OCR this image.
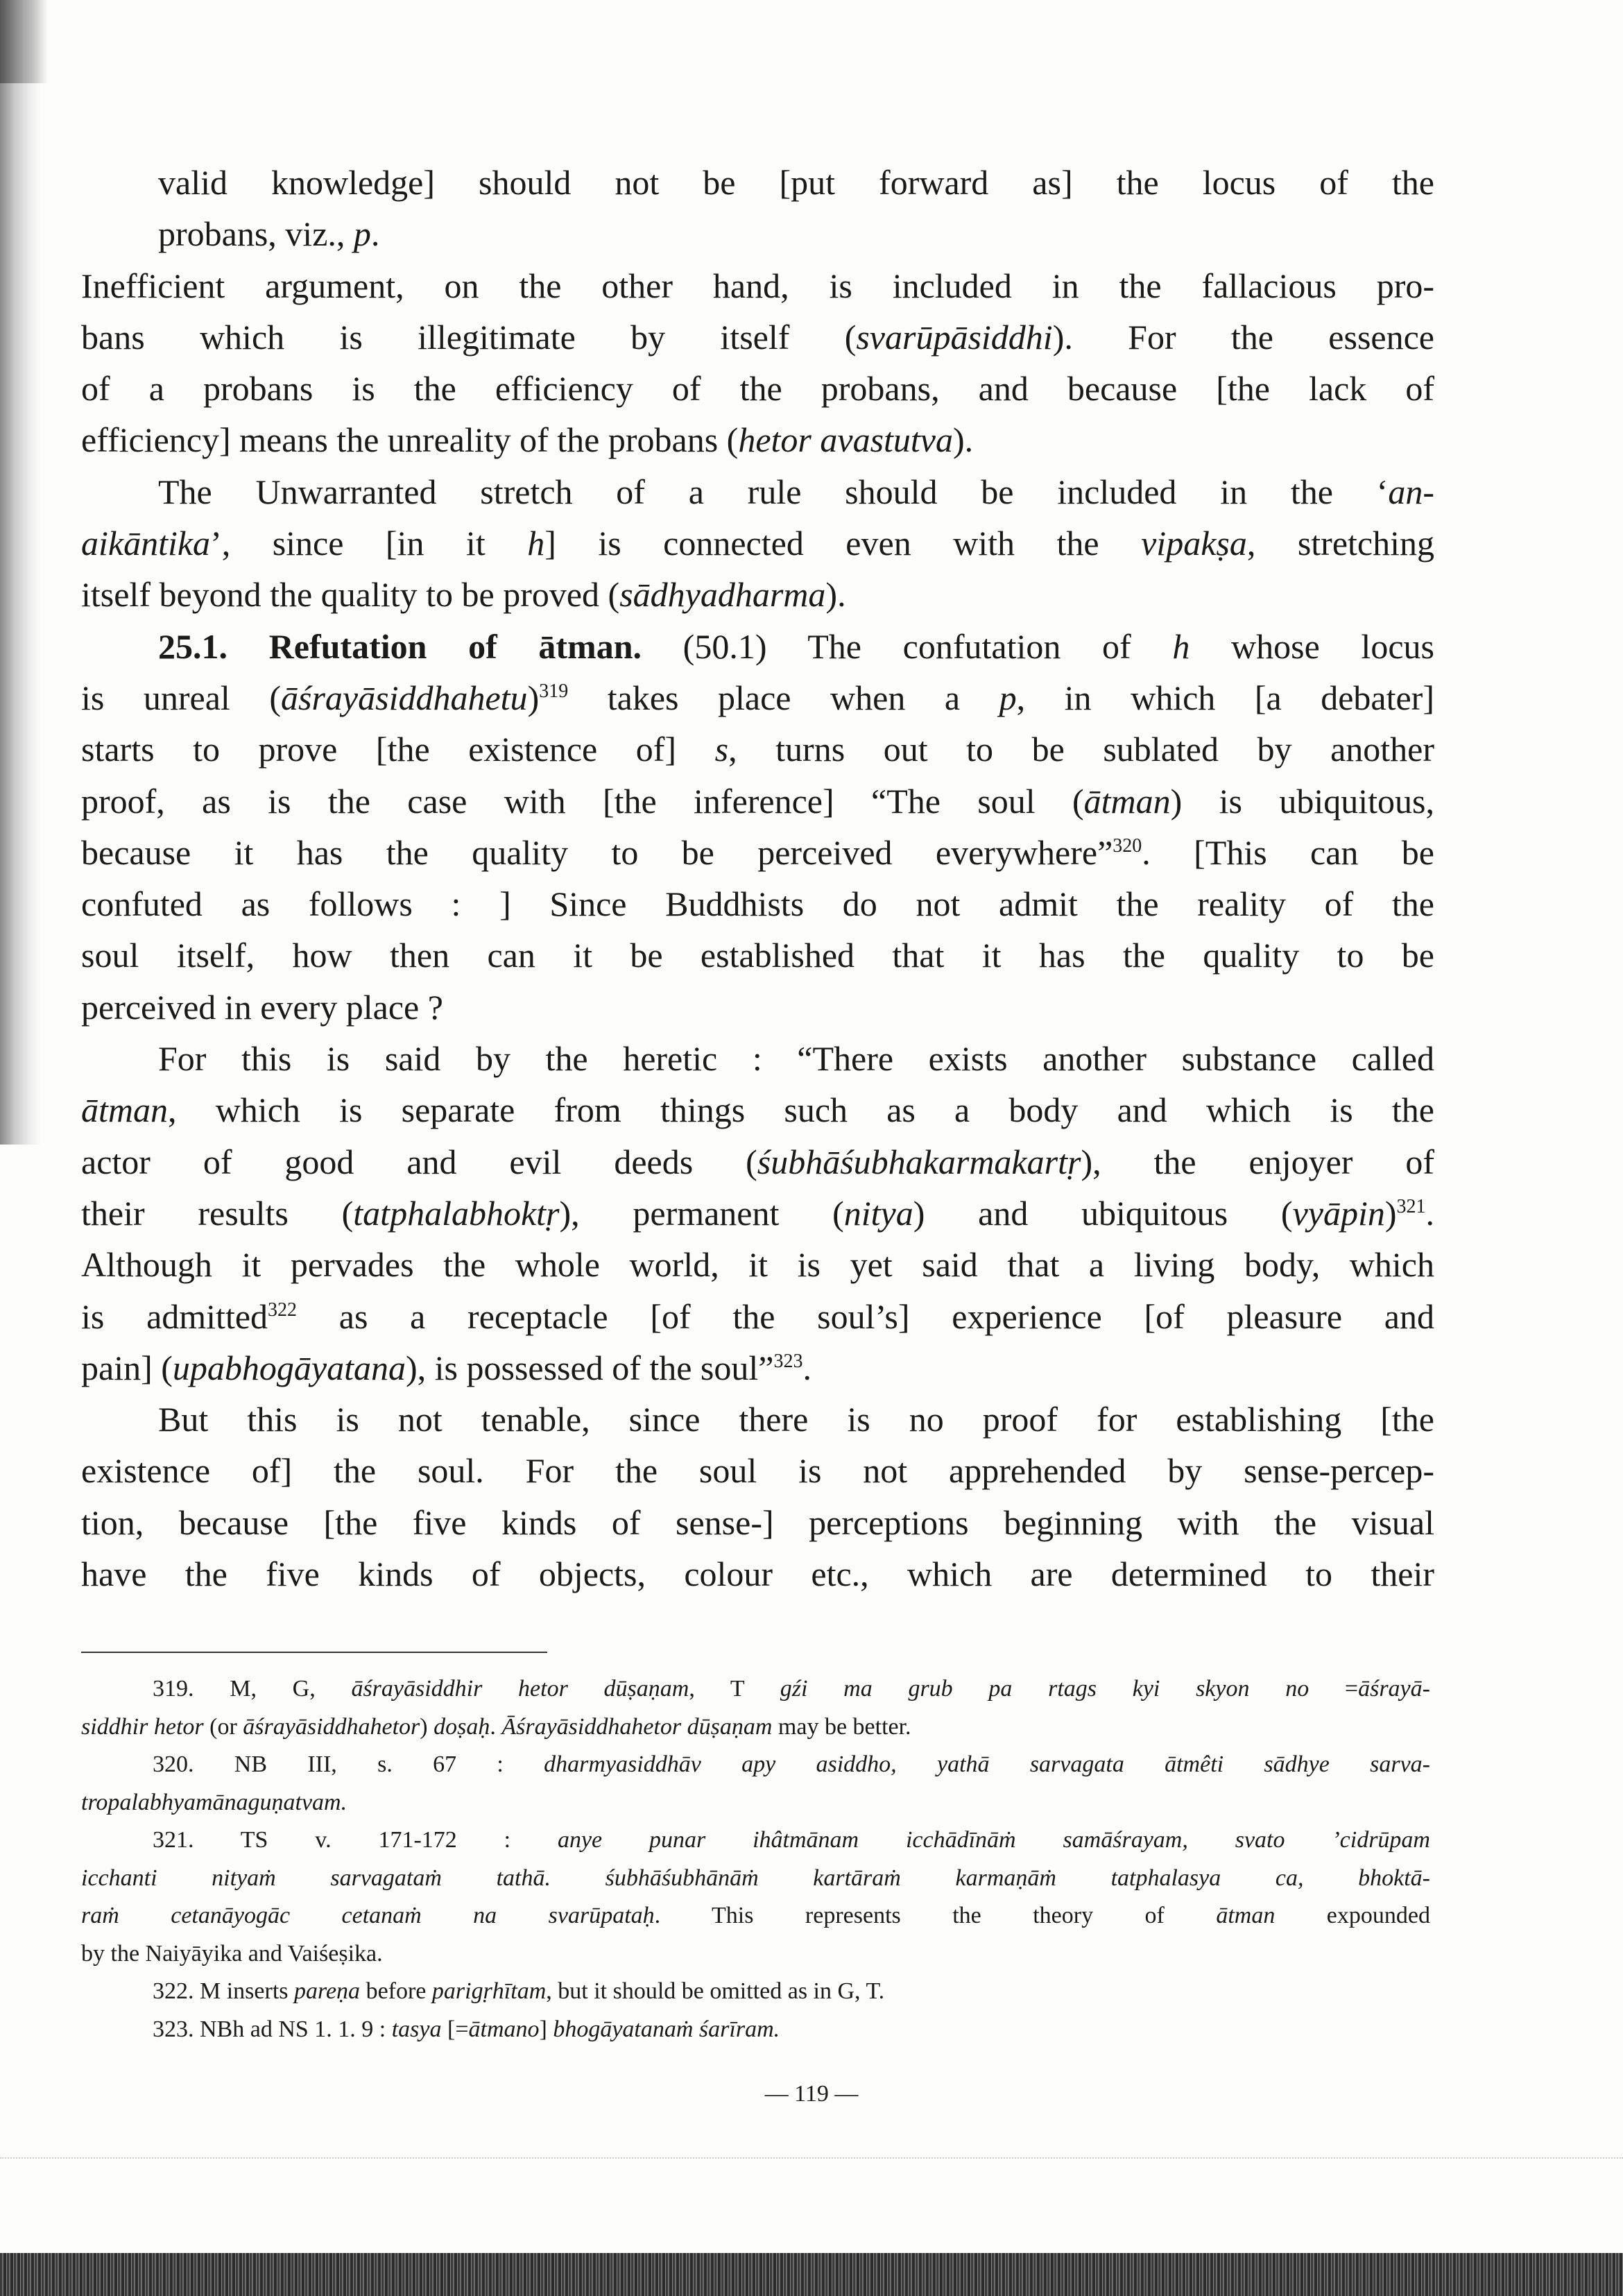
valid knowledge] should not be [put forward as] the locus of the
probans, viz., p.
Inefficient argument, on the other hand, is included in the fallacious pro-
bans which is illegitimate by itself (svarūpāsiddhi). For the essence
of a probans is the efficiency of the probans, and because [the lack of
efficiency] means the unreality of the probans (hetor avastutva).
The Unwarranted stretch of a rule should be included in the ‘an-
aikāntika’, since [in it h] is connected even with the vipakṣa, stretching
itself beyond the quality to be proved (sādhyadharma).
25.1. Refutation of ātman. (50.1) The confutation of h whose locus
is unreal (āśrayāsiddhahetu)$^{319}$ takes place when a p, in which [a debater]
starts to prove [the existence of] s, turns out to be sublated by another
proof, as is the case with [the inference] “The soul (ātman) is ubiquitous,
because it has the quality to be perceived everywhere”$^{320}$. [This can be
confuted as follows : ] Since Buddhists do not admit the reality of the
soul itself, how then can it be established that it has the quality to be
perceived in every place ?
For this is said by the heretic : “There exists another substance called
ātman, which is separate from things such as a body and which is the
actor of good and evil deeds (śubhāśubhakarmakartṛ), the enjoyer of
their results (tatphalabhoktṛ), permanent (nitya) and ubiquitous (vyāpin)$^{321}$.
Although it pervades the whole world, it is yet said that a living body, which
is admitted$^{322}$ as a receptacle [of the soul’s] experience [of pleasure and
pain] (upabhogāyatana), is possessed of the soul”$^{323}$.
But this is not tenable, since there is no proof for establishing [the
existence of] the soul. For the soul is not apprehended by sense-percep-
tion, because [the five kinds of sense-] perceptions beginning with the visual
have the five kinds of objects, colour etc., which are determined to their
319. M, G, āśrayāsiddhir hetor dūṣaṇam, T gźi ma grub pa rtags kyi skyon no =āśrayā-
siddhir hetor (or āśrayāsiddhahetor) doṣaḥ. Āśrayāsiddhahetor dūṣaṇam may be better.
320. NB III, s. 67 : dharmyasiddhāv apy asiddho, yathā sarvagata ātmêti sādhye sarva-
tropalabhyamānaguṇatvam.
321. TS v. 171-172 : anye punar ihâtmānam icchādīnāṁ samāśrayam, svato ’cidrūpam
icchanti nityaṁ sarvagataṁ tathā. śubhāśubhānāṁ kartāraṁ karmaṇāṁ tatphalasya ca, bhoktā-
raṁ cetanāyogāc cetanaṁ na svarūpataḥ. This represents the theory of ātman expounded
by the Naiyāyika and Vaiśeṣika.
322. M inserts pareṇa before parigṛhītam, but it should be omitted as in G, T.
323. NBh ad NS 1. 1. 9 : tasya [=ātmano] bhogāyatanaṁ śarīram.
— 119 —
